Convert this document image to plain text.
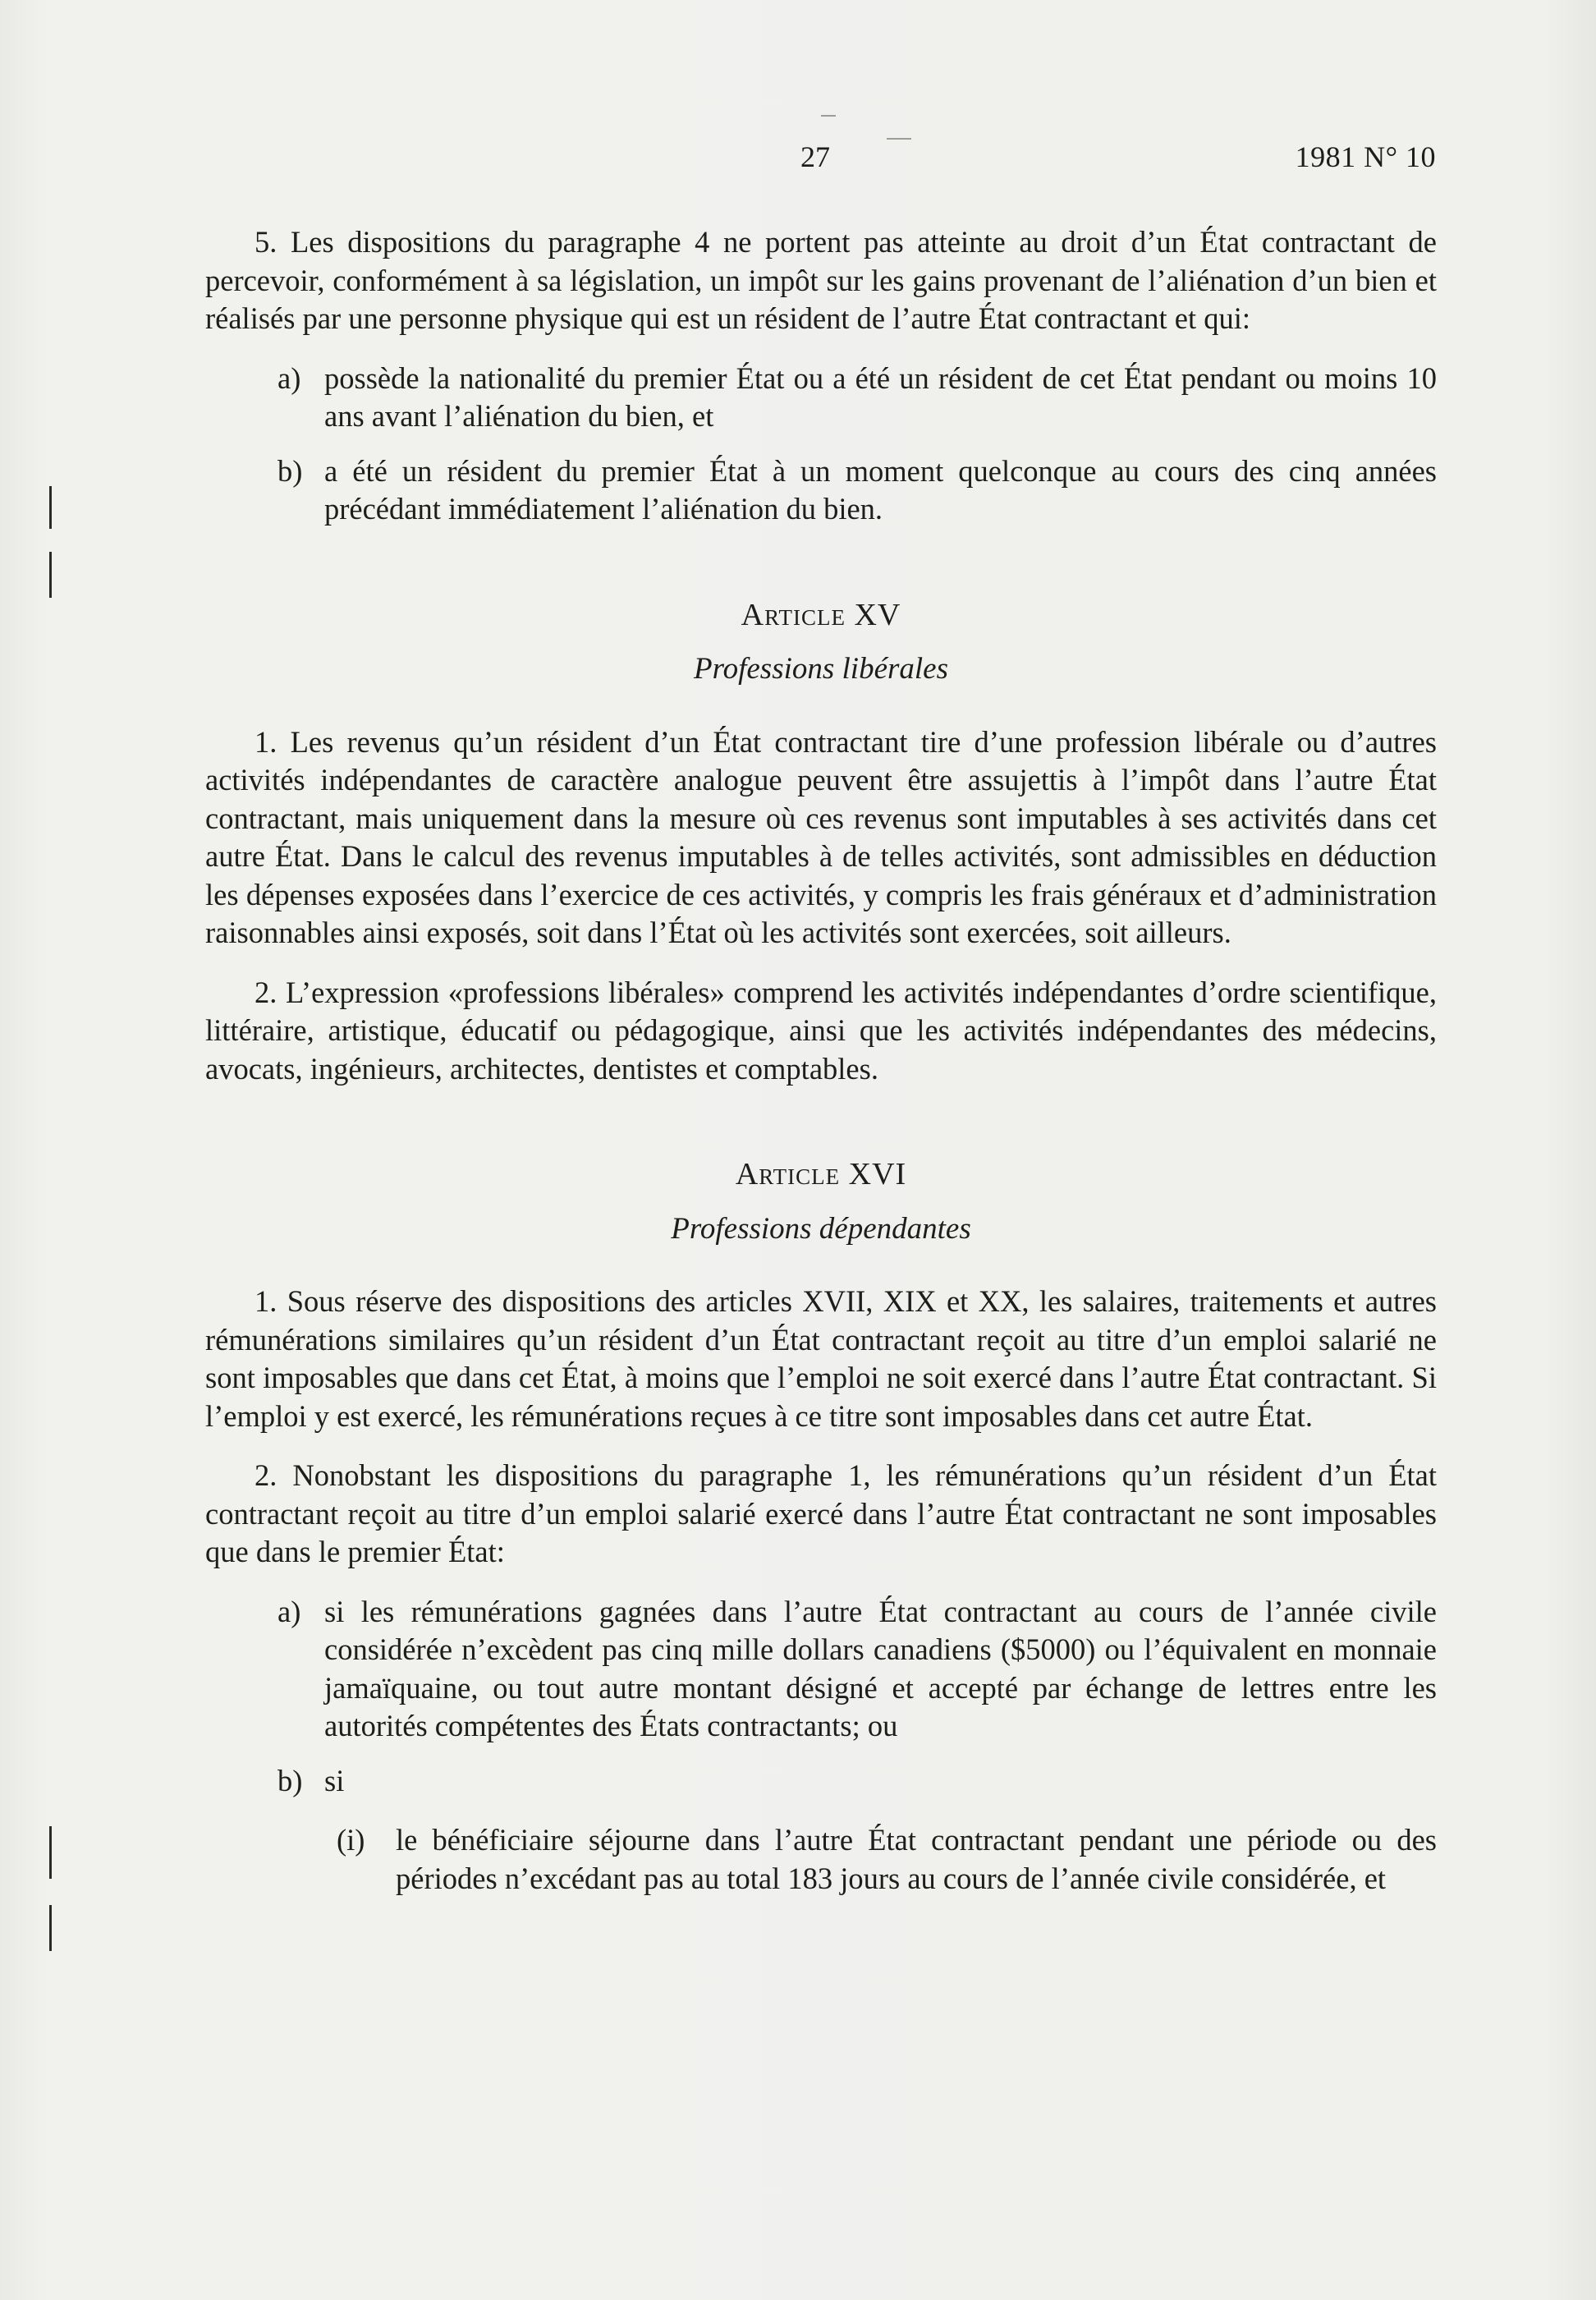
27	1981 N° 10

5. Les dispositions du paragraphe 4 ne portent pas atteinte au droit d’un État contractant de percevoir, conformément à sa législation, un impôt sur les gains provenant de l’aliénation d’un bien et réalisés par une personne physique qui est un résident de l’autre État contractant et qui:

a) possède la nationalité du premier État ou a été un résident de cet État pendant ou moins 10 ans avant l’aliénation du bien, et
b) a été un résident du premier État à un moment quelconque au cours des cinq années précédant immédiatement l’aliénation du bien.
Article XV
Professions libérales

1. Les revenus qu’un résident d’un État contractant tire d’une profession libérale ou d’autres activités indépendantes de caractère analogue peuvent être assujettis à l’impôt dans l’autre État contractant, mais uniquement dans la mesure où ces revenus sont imputables à ses activités dans cet autre État. Dans le calcul des revenus imputables à de telles activités, sont admissibles en déduction les dépenses exposées dans l’exercice de ces activités, y compris les frais généraux et d’administration raisonnables ainsi exposés, soit dans l’État où les activités sont exercées, soit ailleurs.

2. L’expression «professions libérales» comprend les activités indépendantes d’ordre scientifique, littéraire, artistique, éducatif ou pédagogique, ainsi que les activités indépendantes des médecins, avocats, ingénieurs, architectes, dentistes et comptables.

Article XVI
Professions dépendantes

1. Sous réserve des dispositions des articles XVII, XIX et XX, les salaires, traitements et autres rémunérations similaires qu’un résident d’un État contractant reçoit au titre d’un emploi salarié ne sont imposables que dans cet État, à moins que l’emploi ne soit exercé dans l’autre État contractant. Si l’emploi y est exercé, les rémunérations reçues à ce titre sont imposables dans cet autre État.

2. Nonobstant les dispositions du paragraphe 1, les rémunérations qu’un résident d’un État contractant reçoit au titre d’un emploi salarié exercé dans l’autre État contractant ne sont imposables que dans le premier État:

a) si les rémunérations gagnées dans l’autre État contractant au cours de l’année civile considérée n’excèdent pas cinq mille dollars canadiens ($5000) ou l’équivalent en monnaie jamaïquaine, ou tout autre montant désigné et accepté par échange de lettres entre les autorités compétentes des États contractants; ou
b) si
(i) le bénéficiaire séjourne dans l’autre État contractant pendant une période ou des périodes n’excédant pas au total 183 jours au cours de l’année civile considérée, et
